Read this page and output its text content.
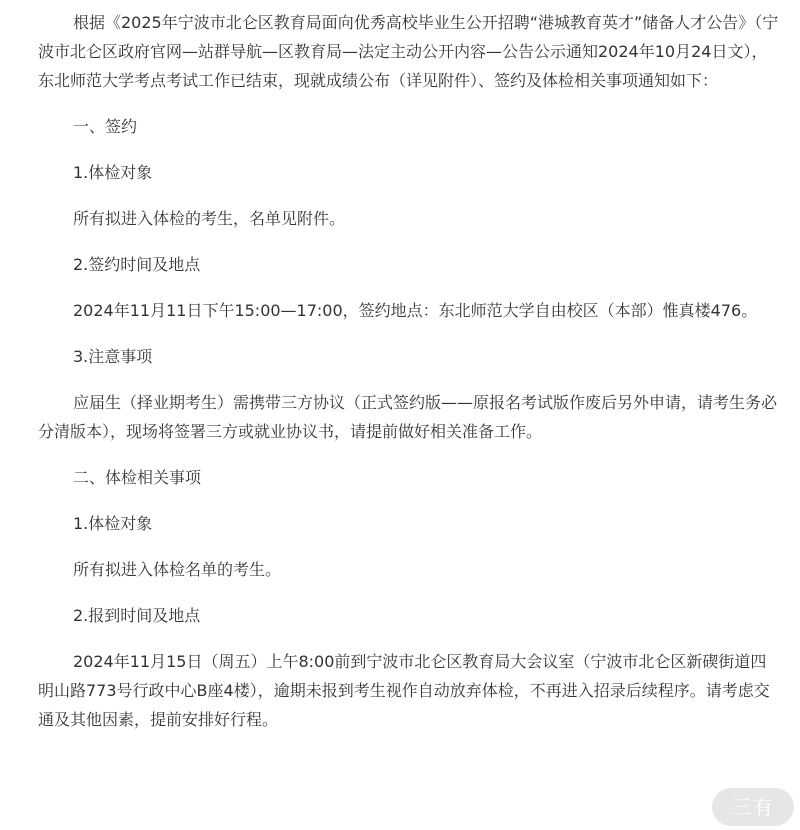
根据《2025年宁波市北仑区教育局面向优秀高校毕业生公开招聘“港城教育英才”储备人才公告》（宁波市北仑区政府官网—站群导航—区教育局—法定主动公开内容—公告公示通知2024年10月24日文），东北师范大学考点考试工作已结束，现就成绩公布（详见附件）、签约及体检相关事项通知如下：

一、签约

1.体检对象

所有拟进入体检的考生，名单见附件。

2.签约时间及地点

2024年11月11日下午15:00—17:00，签约地点：东北师范大学自由校区（本部）惟真楼476。

3.注意事项

应届生（择业期考生）需携带三方协议（正式签约版——原报名考试版作废后另外申请，请考生务必分清版本），现场将签署三方或就业协议书，请提前做好相关准备工作。

二、体检相关事项

1.体检对象

所有拟进入体检名单的考生。

2.报到时间及地点

2024年11月15日（周五）上午8:00前到宁波市北仑区教育局大会议室（宁波市北仑区新碶街道四明山路773号行政中心B座4楼），逾期未报到考生视作自动放弃体检，不再进入招录后续程序。请考虑交通及其他因素，提前安排好行程。

三有
